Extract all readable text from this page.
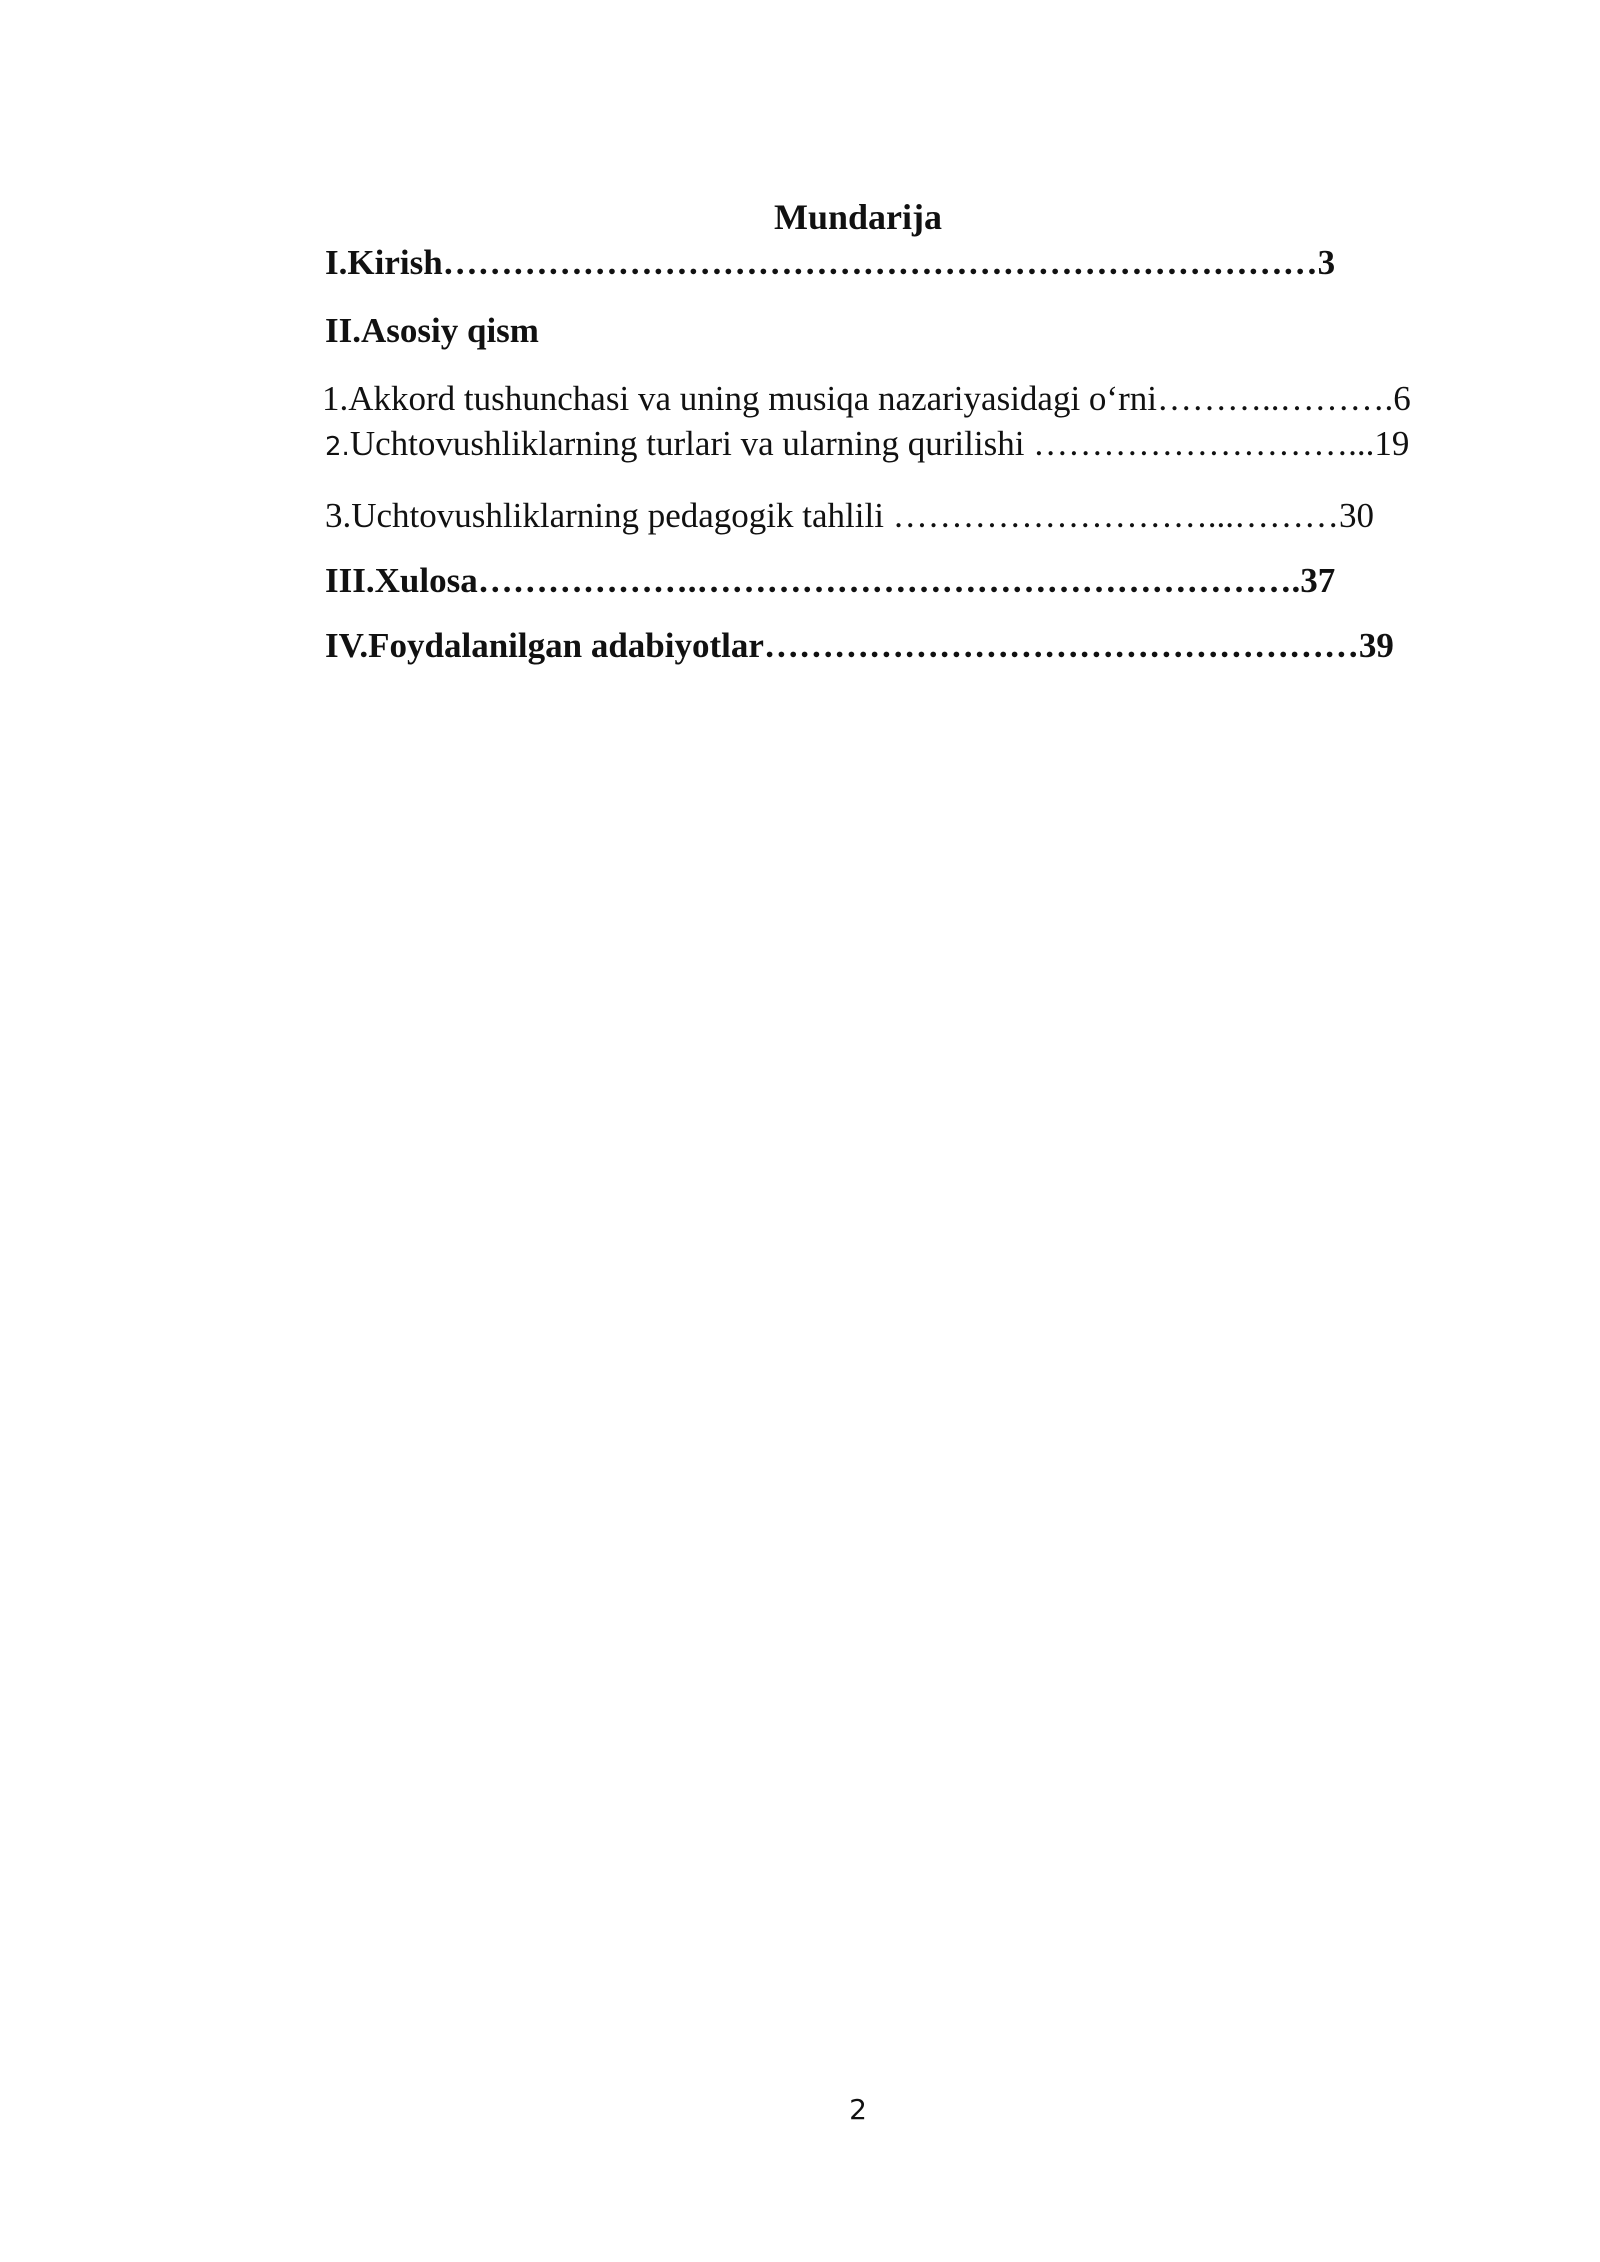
Mundarija
I.Kirish…………………………………………………………………3
II.Asosiy qism
1.Akkord tushunchasi va uning musiqa nazariyasidagi o‘rni………..……….6
2.Uchtovushliklarning turlari va ularning qurilishi ………………………...19
3.Uchtovushliklarning pedagogik tahlili ………………………...………30
III.Xulosa……………….…………………………………………….37
IV.Foydalanilgan adabiyotlar……………………………………………39
2
